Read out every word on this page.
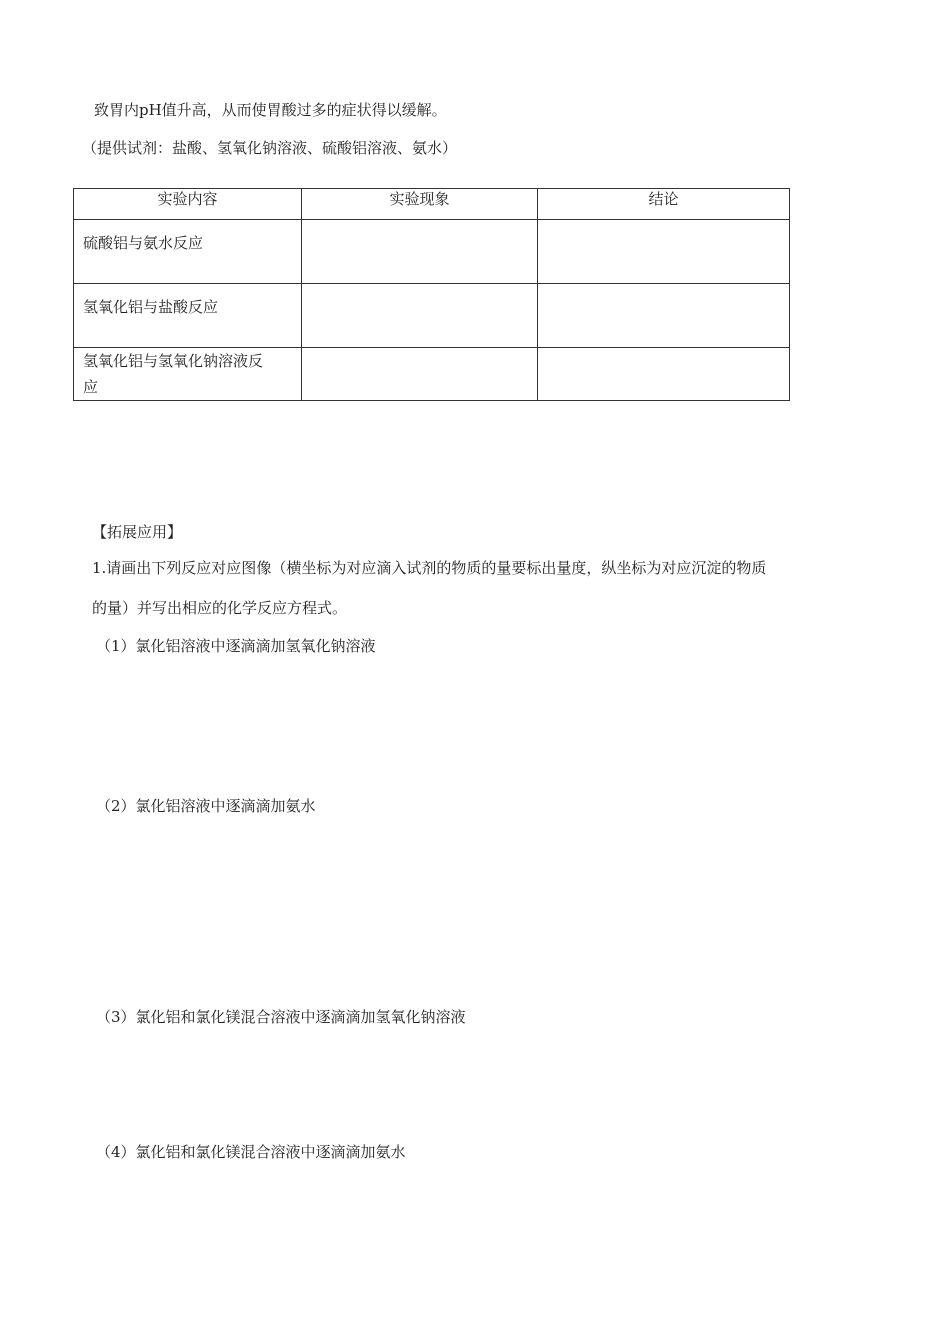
致胃内pH值升高，从而使胃酸过多的症状得以缓解。
（提供试剂：盐酸、氢氧化钠溶液、硫酸铝溶液、氨水）
实验内容	实验现象	结论
硫酸铝与氨水反应		
氢氧化铝与盐酸反应		
氢氧化铝与氢氧化钠溶液反
应		
【拓展应用】
1.请画出下列反应对应图像（横坐标为对应滴入试剂的物质的量要标出量度，纵坐标为对应沉淀的物质
的量）并写出相应的化学反应方程式。
（1）氯化铝溶液中逐滴滴加氢氧化钠溶液
（2）氯化铝溶液中逐滴滴加氨水
（3）氯化铝和氯化镁混合溶液中逐滴滴加氢氧化钠溶液
（4）氯化铝和氯化镁混合溶液中逐滴滴加氨水
